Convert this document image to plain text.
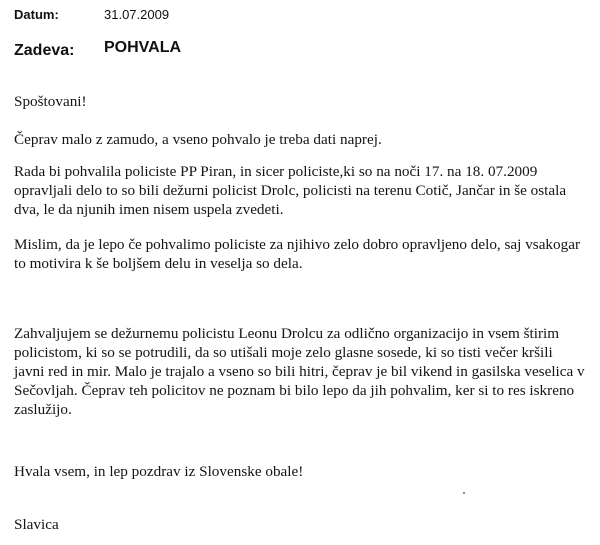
Datum:	31.07.2009
Zadeva: POHVALA
Spoštovani!
Čeprav malo z zamudo, a vseno pohvalo je treba dati naprej.
Rada bi pohvalila policiste PP Piran, in sicer policiste,ki so na noči 17. na 18. 07.2009
opravljali delo to so bili dežurni policist Drolc, policisti na terenu Cotič, Jančar in še ostala
dva, le da njunih imen nisem uspela zvedeti.
Mislim, da je lepo če pohvalimo policiste za njihivo zelo dobro opravljeno delo, saj vsakogar
to motivira k še boljšem delu in veselja so dela.
Zahvaljujem se dežurnemu policistu Leonu Drolcu za odlično organizacijo in vsem štirim
policistom, ki so se potrudili, da so utišali moje zelo glasne sosede, ki so tisti večer kršili
javni red in mir. Malo je trajalo a vseno so bili hitri, čeprav je bil vikend in gasilska veselica v
Sečovljah. Čeprav teh policitov ne poznam bi bilo lepo da jih pohvalim, ker si to res iskreno
zaslužijo.
Hvala vsem, in lep pozdrav iz Slovenske obale!
Slavica
